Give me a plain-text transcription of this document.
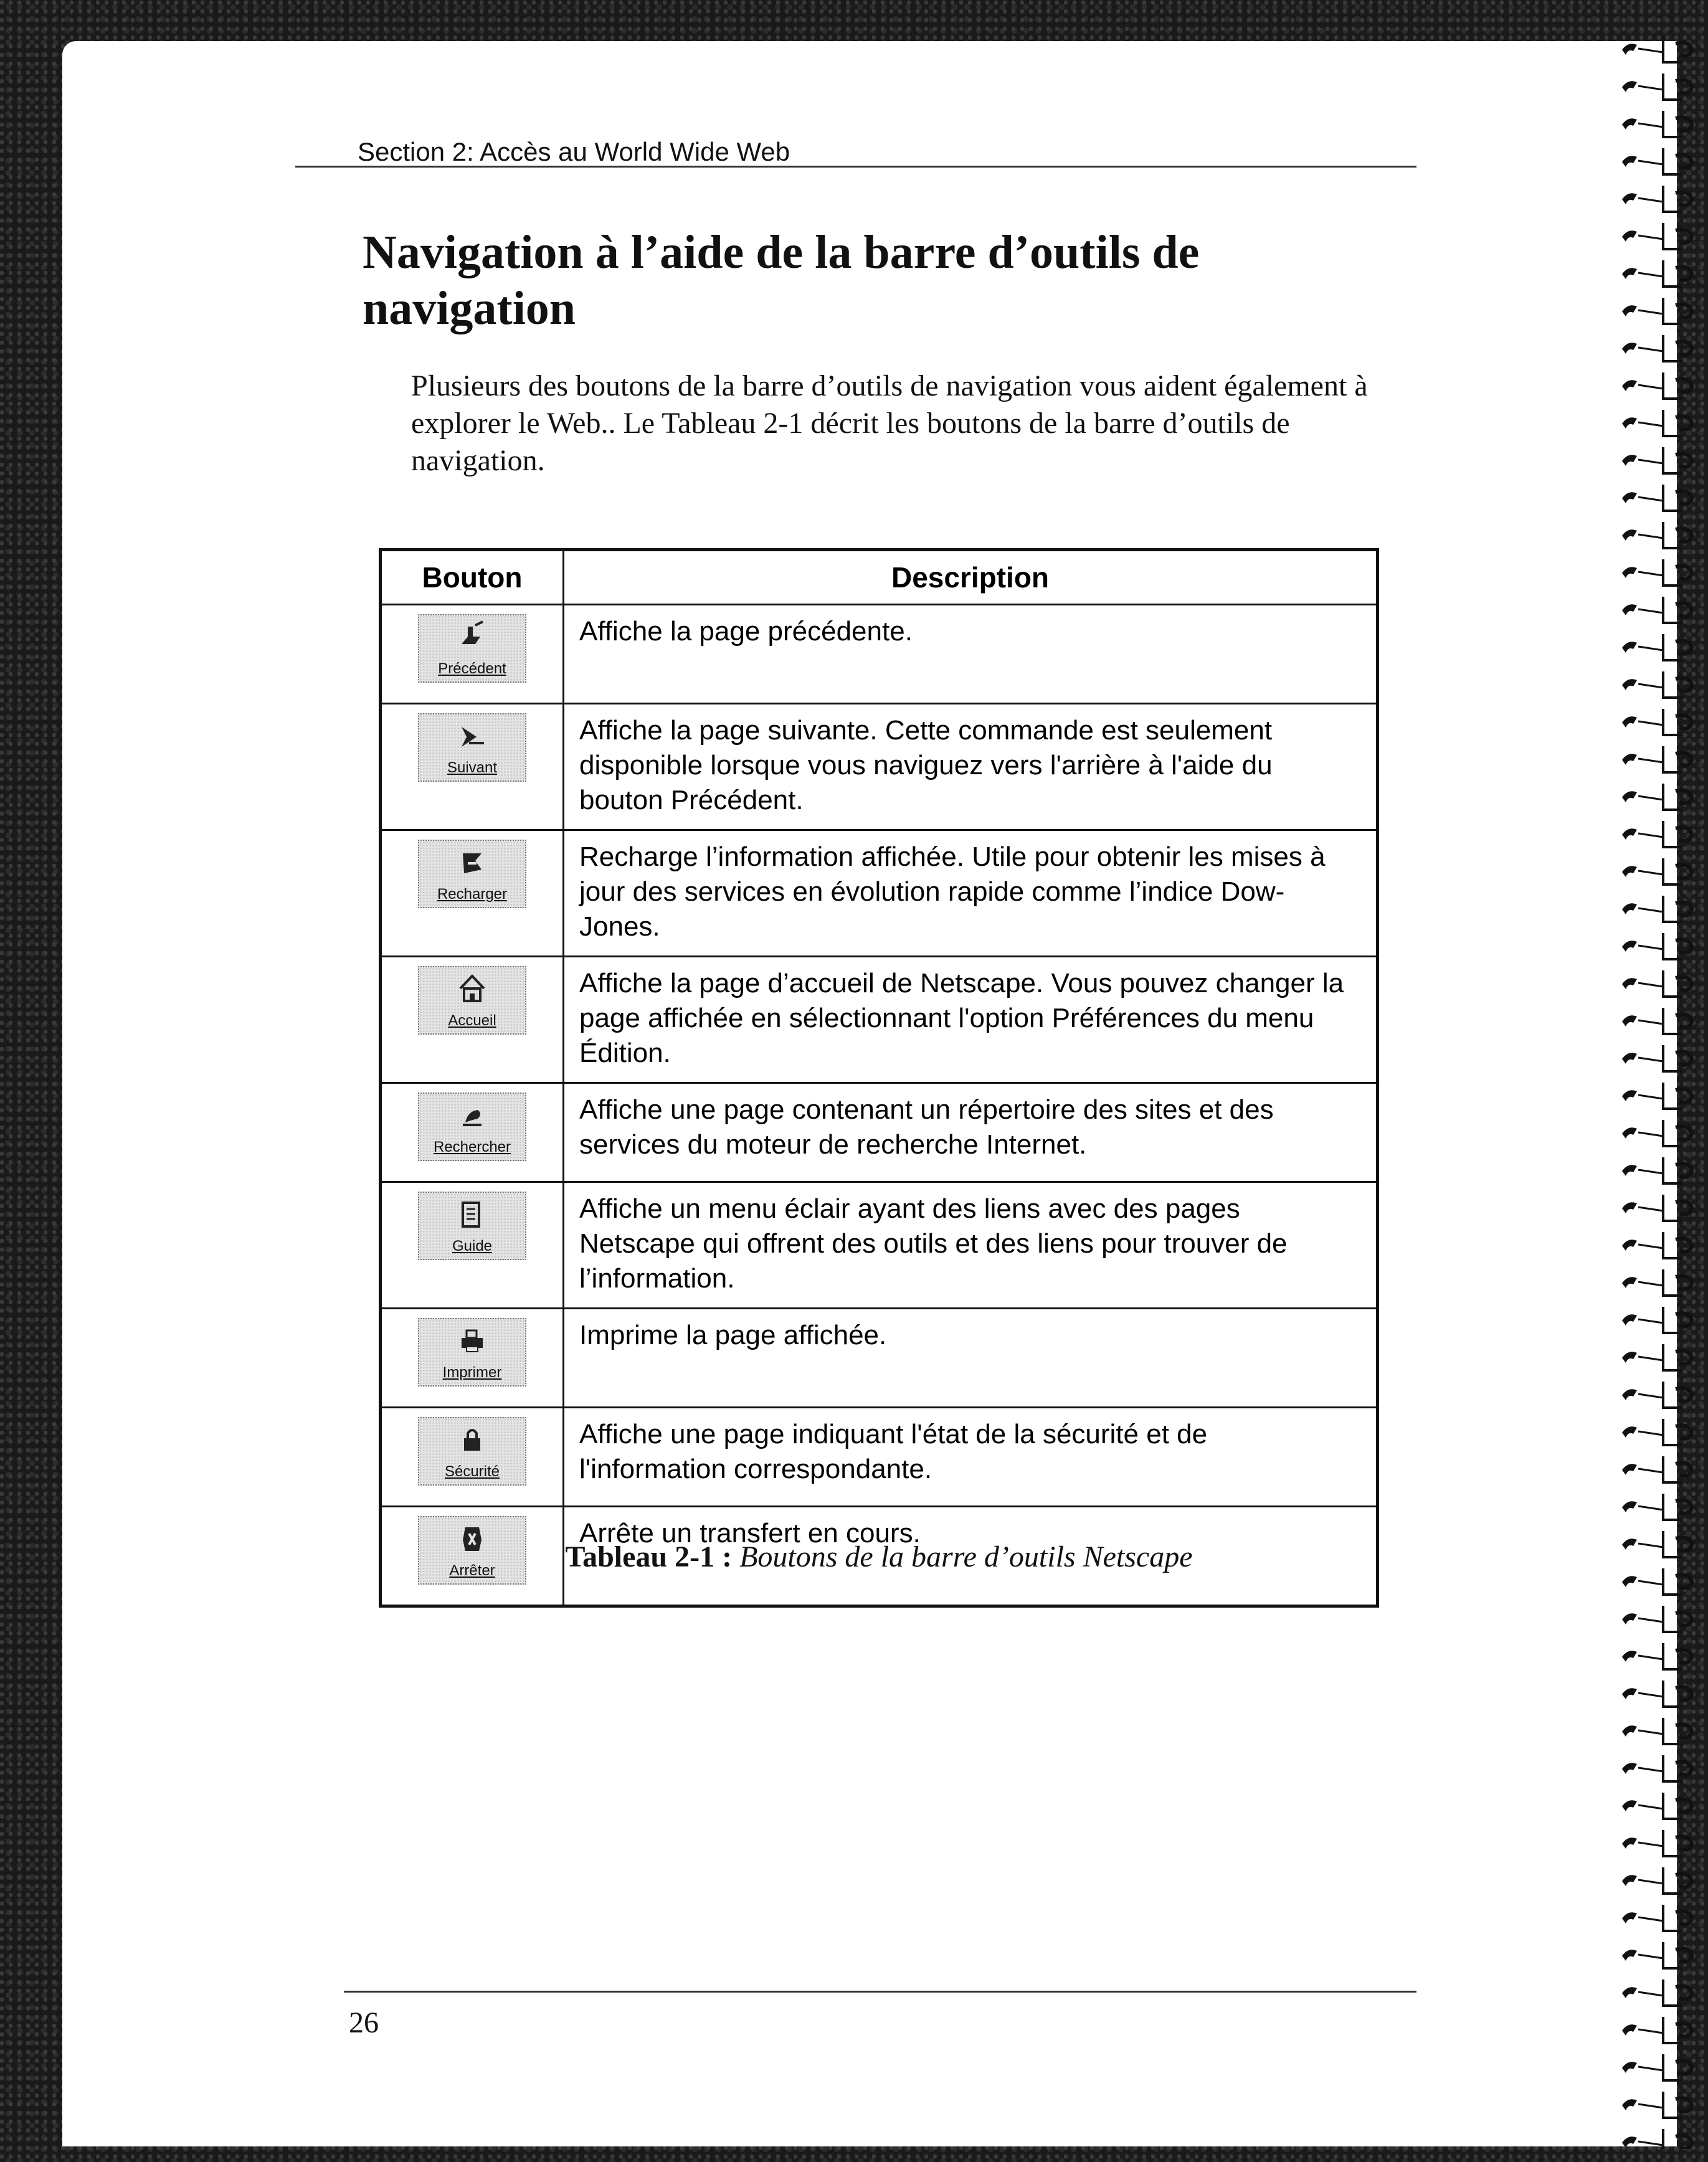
Section 2: Accès au World Wide Web
Navigation à l’aide de la barre d’outils de navigation

Plusieurs des boutons de la barre d’outils de navigation vous aident également à explorer le Web.. Le Tableau 2-1 décrit les boutons de la barre d’outils de navigation.

Bouton	Description

Précédent	Affiche la page précédente.

Suivant	Affiche la page suivante. Cette commande est seulement disponible lorsque vous naviguez vers l'arrière à l'aide du bouton Précédent.

Recharger	Recharge l’information affichée. Utile pour obtenir les mises à jour des services en évolution rapide comme l’indice Dow-Jones.

Accueil	Affiche la page d’accueil de Netscape. Vous pouvez changer la page affichée en sélectionnant l'option Préférences du menu Édition.

Rechercher	Affiche une page contenant un répertoire des sites et des services du moteur de recherche Internet.

Guide	Affiche un menu éclair ayant des liens avec des pages Netscape qui offrent des outils et des liens pour trouver de l’information.

Imprimer	Imprime la page affichée.

Sécurité	Affiche une page indiquant l'état de la sécurité et de l'information correspondante.

Arrêter	Arrête un transfert en cours.
Tableau 2-1 : Boutons de la barre d’outils Netscape
26
